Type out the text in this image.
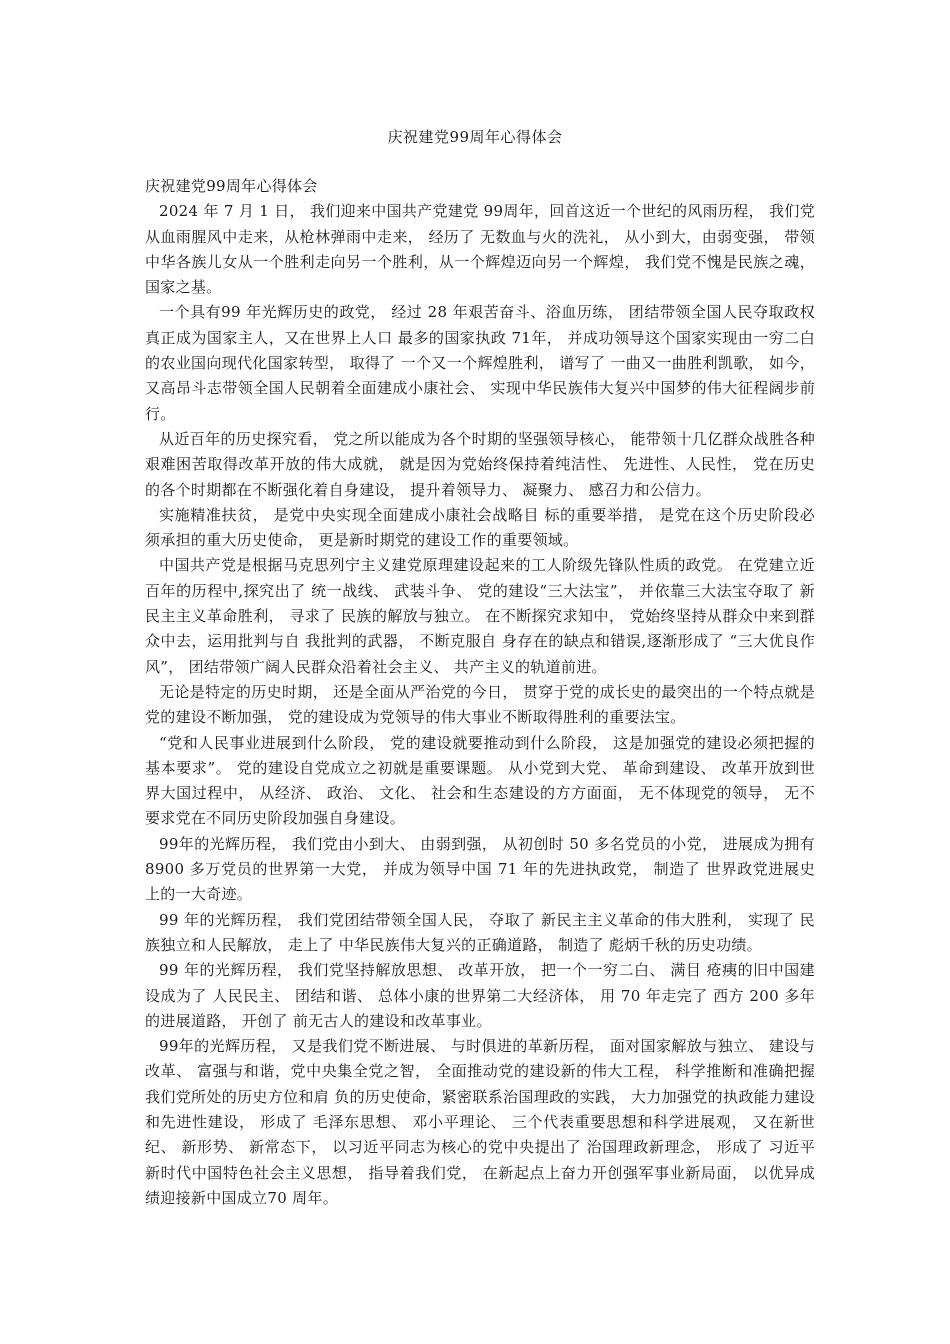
庆祝建党99周年心得体会

庆祝建党99周年心得体会

2024 年 7 月 1 日， 我们迎来中国共产党建党 99周年，回首这近一个世纪的风雨历程， 我们党从血雨腥风中走来，从枪林弹雨中走来， 经历了 无数血与火的洗礼， 从小到大，由弱变强， 带领中华各族儿女从一个胜利走向另一个胜利，从一个辉煌迈向另一个辉煌， 我们党不愧是民族之魂， 国家之基。

一个具有99 年光辉历史的政党， 经过 28 年艰苦奋斗、浴血历练， 团结带领全国人民夺取政权真正成为国家主人，又在世界上人口 最多的国家执政 71年， 并成功领导这个国家实现由一穷二白的农业国向现代化国家转型， 取得了 一个又一个辉煌胜利， 谱写了 一曲又一曲胜利凯歌， 如今， 又高昂斗志带领全国人民朝着全面建成小康社会、 实现中华民族伟大复兴中国梦的伟大征程阔步前行。

从近百年的历史探究看， 党之所以能成为各个时期的坚强领导核心， 能带领十几亿群众战胜各种艰难困苦取得改革开放的伟大成就， 就是因为党始终保持着纯洁性、 先进性、人民性， 党在历史的各个时期都在不断强化着自身建设， 提升着领导力、 凝聚力、 感召力和公信力。

实施精准扶贫， 是党中央实现全面建成小康社会战略目 标的重要举措， 是党在这个历史阶段必须承担的重大历史使命， 更是新时期党的建设工作的重要领域。

中国共产党是根据马克思列宁主义建党原理建设起来的工人阶级先锋队性质的政党。 在党建立近百年的历程中,探究出了 统一战线、 武装斗争、 党的建设“三大法宝”， 并依靠三大法宝夺取了 新民主主义革命胜利， 寻求了 民族的解放与独立。 在不断探究求知中， 党始终坚持从群众中来到群众中去，运用批判与自 我批判的武器， 不断克服自 身存在的缺点和错误,逐渐形成了 “三大优良作风”， 团结带领广阔人民群众沿着社会主义、 共产主义的轨道前进。

无论是特定的历史时期， 还是全面从严治党的今日， 贯穿于党的成长史的最突出的一个特点就是党的建设不断加强， 党的建设成为党领导的伟大事业不断取得胜利的重要法宝。

“党和人民事业进展到什么阶段， 党的建设就要推动到什么阶段， 这是加强党的建设必须把握的基本要求”。 党的建设自党成立之初就是重要课题。 从小党到大党、 革命到建设、 改革开放到世界大国过程中， 从经济、 政治、 文化、 社会和生态建设的方方面面， 无不体现党的领导， 无不要求党在不同历史阶段加强自身建设。

99年的光辉历程， 我们党由小到大、 由弱到强， 从初创时 50 多名党员的小党， 进展成为拥有 8900 多万党员的世界第一大党， 并成为领导中国 71 年的先进执政党， 制造了 世界政党进展史上的一大奇迹。

99 年的光辉历程， 我们党团结带领全国人民， 夺取了 新民主主义革命的伟大胜利， 实现了 民族独立和人民解放， 走上了 中华民族伟大复兴的正确道路， 制造了 彪炳千秋的历史功绩。

99 年的光辉历程， 我们党坚持解放思想、 改革开放， 把一个一穷二白、 满目 疮痍的旧中国建设成为了 人民民主、 团结和谐、 总体小康的世界第二大经济体， 用 70 年走完了 西方 200 多年的进展道路， 开创了 前无古人的建设和改革事业。

99年的光辉历程， 又是我们党不断进展、 与时俱进的革新历程， 面对国家解放与独立、 建设与改革、 富强与和谐，党中央集全党之智， 全面推动党的建设新的伟大工程， 科学推断和准确把握我们党所处的历史方位和肩 负的历史使命，紧密联系治国理政的实践， 大力加强党的执政能力建设和先进性建设， 形成了 毛泽东思想、 邓小平理论、 三个代表重要思想和科学进展观， 又在新世纪、 新形势、 新常态下， 以习近平同志为核心的党中央提出了 治国理政新理念， 形成了 习近平新时代中国特色社会主义思想， 指导着我们党， 在新起点上奋力开创强军事业新局面， 以优异成绩迎接新中国成立70 周年。
